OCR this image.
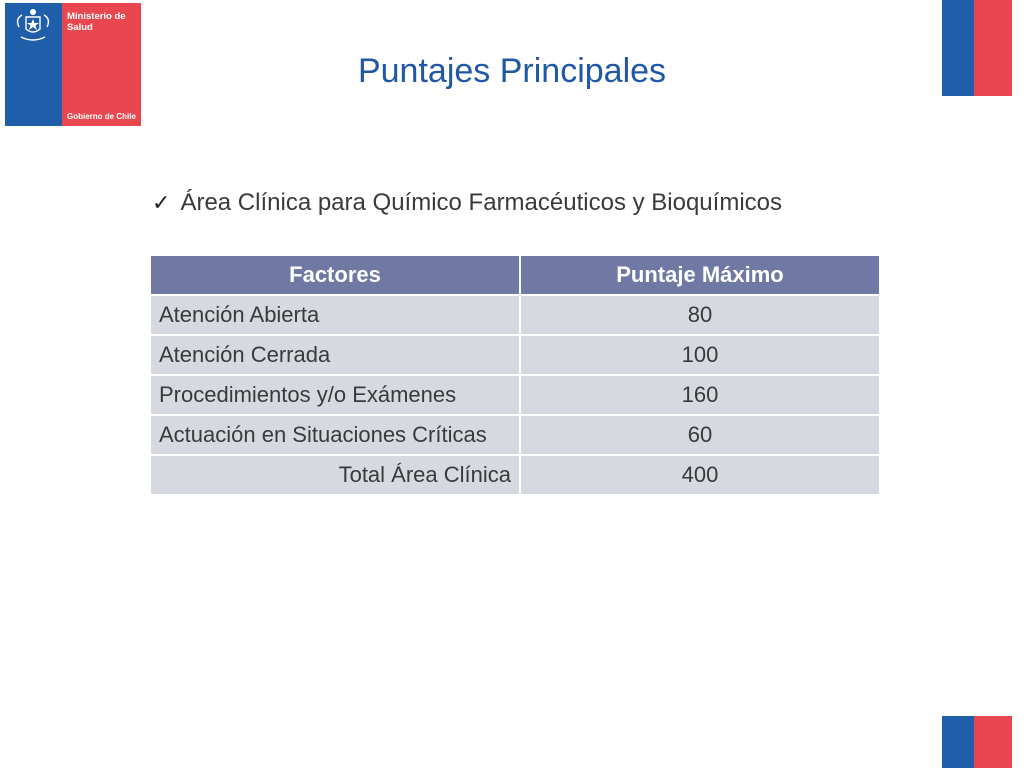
Ministerio de
Salud
Gobierno de Chile
Puntajes Principales
✓ Área Clínica para Químico Farmacéuticos y Bioquímicos
Factores	Puntaje Máximo
Atención Abierta	80
Atención Cerrada	100
Procedimientos y/o Exámenes	160
Actuación en Situaciones Críticas	60
Total Área Clínica	400
